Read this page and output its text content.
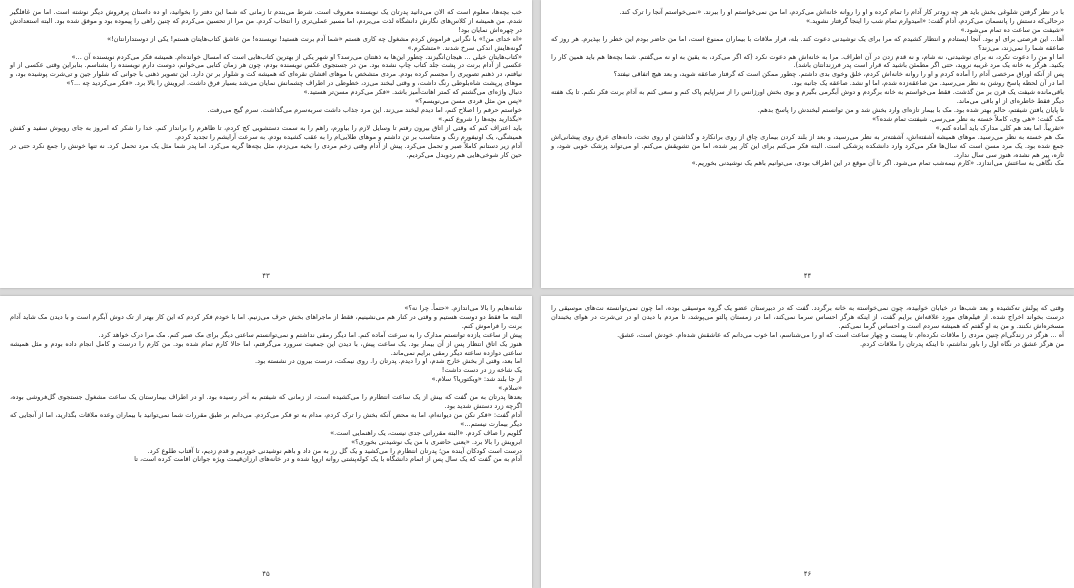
خب بچه‌ها، معلوم است که الان می‌دانید پدرتان یک نویسنده معروف است. شرط می‌بندم تا زمانی که شما این دفتر را بخوانید، او ده داستان پرفروش دیگر نوشته است. اما من غافلگیر شدم. من همیشه از کلاس‌های نگارش دانشگاه لذت می‌بردم، اما مسیر عملی‌تری را انتخاب کردم. من مرا از تحسین می‌کردم که چنین راهی را پیموده بود و موفق شده بود. البته استعدادش در چهره‌اش نمایان بود!

«اه خدای من!» با نگرانی فراموش کردم مشغول چه کاری هستم «شما آدم برنت هستید! نویسنده! من عاشق کتاب‌هایتان هستم! یکی از دوستدارانتان!»

گونه‌هایش اندکی سرخ شدند. «متشکرم.»

«کتاب‌هایتان خیلی ... هیجان‌انگیزند. چطور این‌ها به ذهنتان می‌رسد؟ او شهر یکی از بهترین کتاب‌هایی است که امسال خوانده‌ام. همیشه فکر می‌کردم نویسنده آن ...»

عکسی از آدام برنت در پشت جلد کتاب چاپ نشده بود. من در جستجوی عکس نویسنده بودم، چون هر زمان کتابی می‌خوانم، دوست دارم نویسنده را بشناسم. بنابراین وقتی عکسی از او نیافتم، در ذهنم تصویری را مجسم کرده بودم. مردی متشخص با موهای افشان نقره‌ای که همیشه کت و شلوار بر تن دارد. این تصویر ذهنی با جوانی که شلوار جین و تی‌شرت پوشیده بود، و موهای پرپشت شاه‌بلوطی رنگ داشت، و وقتی لبخند می‌زد، خطوطی در اطراف چشمانش نمایان می‌شد بسیار فرق داشت. ابرویش را بالا برد. «فکر می‌کردید چه ...؟»

دنبال واژه‌ای می‌گشتم که کمتر اهانت‌آمیز باشد. «فکر می‌کردم مسن‌تر هستید.»

«پس من مثل فردی مسن می‌نویسم؟»

خواستم حرفم را اصلاح کنم، اما دیدم لبخند می‌زند. این مرد جذاب داشت سربه‌سرم می‌گذاشت. سرم گیج می‌رفت.

«بگذارید بچه‌ها را شروع کنم.»

باید اعتراف کنم که وقتی از اتاق بیرون رفتم تا وسایل لازم را بیاورم، راهم را به سمت دستشویی کج کردم، تا ظاهرم را برانداز کنم. خدا را شکر که امروز به جای روپوش سفید و کفش همیشگی، یک اونیفورم رنگ و متناسب بر تن داشتم و موهای طلایی‌ام را به عقب کشیده بودم. به سرعت آرایشم را تجدید کردم.

آدام زیر دستانم کاملاً صبر و تحمل می‌کرد. پیش از آدام وقتی زخم مردی را بخیه می‌زدم، مثل بچه‌ها گریه می‌کرد. اما پدر شما مثل یک مرد تحمل کرد. نه تنها خونش را جمع نکرد حتی در حین کار شوخی‌هایی هم ردوبدل می‌کردیم.

۴۳

با در نظر گرفتن شلوغی بخش باید هر چه زودتر کار آدام را تمام کرده و او را روانه خانه‌اش می‌کردم، اما من نمی‌خواستم او را ببرند. «نمی‌خواستم آنجا را ترک کند.

درحالی‌که دستش را پانسمان می‌کردم، آدام گفت: «امیدوارم تمام شب را اینجا گرفتار نشوید.»

«شیفت من ساعت ده تمام می‌شود.»

آها... این فرصتی برای او بود. آنجا ایستادم و انتظار کشیدم که مرا برای یک نوشیدنی دعوت کند. بله، قرار ملاقات با بیماران ممنوع است، اما من حاضر بودم این خطر را بپذیرم. هر روز که صاعقه شما را نمی‌زند، می‌زند؟

اما او من را دعوت نکرد، نه برای نوشیدنی، نه شام، و نه قدم زدن در آن اطراف. مرا به خانه‌اش هم دعوت نکرد (که اگر می‌کرد، به یقین به او نه می‌گفتم. شما بچه‌ها هم باید همین کار را بکنید. هرگز به خانه یک مرد غریبه نروید، حتی اگر مطمئن باشید که قرار است پدر فرزندانتان باشد).

پس از آنکه اوراق مرخصی آدام را آماده کردم و او را روانه خانه‌اش کردم، خلق وخوی بدی داشتم. چطور ممکن است که گرفتار صاعقه شوید، و بعد هیچ اتفاقی نیفتد؟

اما در آن لحظه پاسخ روشن به نظر می‌رسید. من صاعقه‌زده شدم، اما او نشد. صاعقه یک جانبه بود.

باقی‌مانده شیفت یک قرن بر من گذشت. فقط می‌خواستم به خانه برگردم و دوش آبگرمی بگیرم و بوی بخش اورژانس را از سراپایم پاک کنم و سعی کنم به آدام برنت فکر نکنم. تا یک هفته دیگر فقط خاطره‌ای از او باقی می‌ماند.

تا پایان یافتن شیفتم، حالم بهتر شده بود. مک با بیمار تازه‌ای وارد بخش شد و من توانستم لبخندش را پاسخ بدهم.

مک گفت: «هی وی، کاملاً خسته به نظر می‌رسی. شیفتت تمام شده؟»

«تقریباً. اما بعد هم کلی مدارک باید آماده کنم.»

مک هم خسته به نظر می‌رسید. موهای همیشه آشفته‌اش، آشفته‌تر به نظر می‌رسید، و بعد از بلند کردن بیماری چاق از روی برانکارد و گذاشتن او روی تخت، دانه‌های عرق روی پیشانی‌اش جمع شده بود. یک مرد مسن است که سال‌ها فکر می‌کرد وارد دانشکده پزشکی است. البته فکر می‌کنم برای این کار پیر شده، اما من تشویقش می‌کنم. او می‌تواند پزشک خوبی شود، و تازه، پیر هم نشده، هنوز سی سال ندارد.

مک نگاهی به ساعتش می‌اندازد. «کارم نیمه‌شب تمام می‌شود. اگر تا آن موقع در این اطراف بودی، می‌توانیم باهم یک نوشیدنی بخوریم.»

۴۴

شانه‌هایم را بالا می‌اندازم. «حتماً. چرا نه؟»

البته ما فقط دو دوست هستیم و وقتی در کنار هم می‌نشینیم، فقط از ماجراهای بخش حرف می‌زنیم. اما با خودم فکر کردم که این کار بهتر از تک دوش آبگرم است و با دیدن مک شاید آدام برنت را فراموش کنم.

پیش از ساعت یازده توانستم مدارک را به سرعت آماده کنم. اما دیگر رمقی نداشتم و نمی‌توانستم ساعتی دیگر برای مک صبر کنم. مک مرا درک خواهد کرد.

هنوز یک اتاق انتظار پس از آن بیمار بود. یک ساعت پیش، با دیدن این جمعیت سرورد می‌گرفتم، اما حالا کارم تمام شده بود. من کارم را درست و کامل انجام داده بودم و مثل همیشه ساعتی دوازده ساعته دیگر رمقی برایم نمی‌ماند.

اما بعد، وقتی از بخش خارج شدم، او را دیدم. پدرتان را. روی نیمکت، درست بیرون در نشسته بود.

یک شاخه رز در دست داشت!

از جا بلند شد: «ویکتوریا؟ سلام.»

«سلام.»

بعدها پدرتان به من گفت که بیش از یک ساعت انتظارم را می‌کشیده است، از زمانی که شیفتم به آخر رسیده بود. او در اطراف بیمارستان یک ساعت مشغول جستجوی گل‌فروشی بوده، اگرچه زرد دستش شدید بود.

آدام گفت: «فکر نکن من دیوانه‌ام، اما به محض آنکه بخش را ترک کردم، مدام به تو فکر می‌کردم. می‌دانم بر طبق مقررات شما نمی‌توانید با بیماران وعده ملاقات بگذارید، اما از آنجایی که دیگر بیمارت نیستم...»

گلویم را صاف کردم. «البته مقرراتی جدی نیست، یک راهنمایی است.»

ابرویش را بالا برد. «یعنی حاضری با من یک نوشیدنی بخوری؟»

درست است کودکان آینده من؛ پدرتان انتظارم را می‌کشید و یک گل رز به من داد و باهم نوشیدنی خوردیم و قدم زدیم، تا آفتاب طلوع کرد.

آدام به من گفت که یک سال پس از اتمام دانشگاه با یک کوله‌پشتی روانه اروپا شده و در خانه‌های ارزان‌قیمت ویژه جوانان اقامت کرده است، تا

۴۵

وقتی که پولش ته‌کشیده و بعد شب‌ها در خیابان خوابیده، چون نمی‌خواسته به خانه برگردد. گفت که در دبیرستان عضو یک گروه موسیقی بوده، اما چون نمی‌توانسته نت‌های موسیقی را درست بخواند اخراج شده. از فیلم‌های مورد علاقه‌اش برایم گفت، از اینکه هرگز احساس سرما نمی‌کند، اما در زمستان پالتو می‌پوشد، تا مردم با دیدن او در تی‌شرت در هوای یخبندان مسخره‌اش نکنند. و من به او گفتم که همیشه سردم است و احساس گرما نمی‌کنم.

آه ... هرگز در زندگی‌ام چنین مردی را ملاقات نکرده‌ام. تا پیست و چهار ساعت است که او را می‌شناسم، اما خوب می‌دانم که عاشقش شده‌ام. خودش است، عشق.

من هرگز عشق در نگاه اول را باور نداشتم، تا اینکه پدرتان را ملاقات کردم.

۴۶
